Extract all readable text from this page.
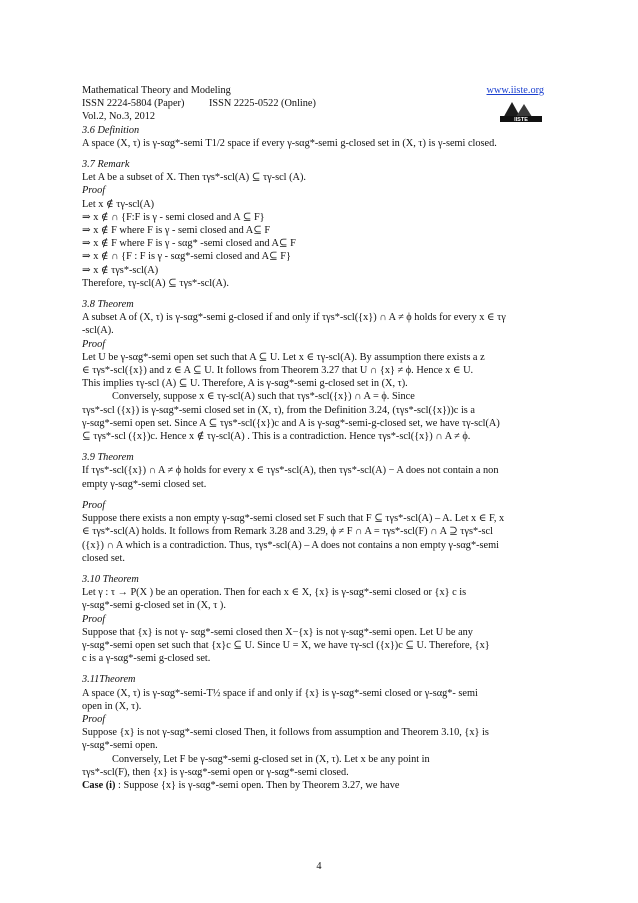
Mathematical Theory and Modeling	www.iiste.org
ISSN 2224-5804 (Paper) ISSN 2225-0522 (Online)
Vol.2, No.3, 2012	IISTE
3.6 Definition
A space (X, τ) is γ-sαg*-semi T1/2 space if every γ-sαg*-semi g-closed set in (X, τ) is γ-semi closed.
3.7 Remark
Let A be a subset of X. Then τγs*-scl(A) ⊆ τγ-scl (A).
Proof
Let x ∉ τγ-scl(A)
⇒ x ∉ ∩ {F:F is γ - semi closed and A ⊆ F}
⇒ x ∉ F where F is γ - semi closed and A⊆ F
⇒ x ∉ F where F is γ - sαg* -semi closed and A⊆ F
⇒ x ∉ ∩ {F : F is γ - sαg*-semi closed and A⊆ F}
⇒ x ∉ τγs*-scl(A)
Therefore, τγ-scl(A) ⊆ τγs*-scl(A).
3.8 Theorem
A subset A of (X, τ) is γ-sαg*-semi g-closed if and only if τγs*-scl({x}) ∩ A ≠ ϕ holds for every x ∈ τγ
-scl(A).
Proof
Let U be γ-sαg*-semi open set such that A ⊆ U. Let x ∈ τγ-scl(A). By assumption there exists a z
∈ τγs*-scl({x}) and z ∈ A ⊆ U. It follows from Theorem 3.27 that U ∩ {x} ≠ ϕ. Hence x ∈ U.
This implies τγ-scl (A) ⊆ U. Therefore, A is γ-sαg*-semi g-closed set in (X, τ).
Conversely, suppose x ∈ τγ-scl(A) such that τγs*-scl({x}) ∩ A = ϕ. Since
τγs*-scl ({x}) is γ-sαg*-semi closed set in (X, τ), from the Definition 3.24, (τγs*-scl({x}))c is a
γ-sαg*-semi open set. Since A ⊆ τγs*-scl({x})c and A is γ-sαg*-semi-g-closed set, we have τγ-scl(A)
⊆ τγs*-scl ({x})c. Hence x ∉ τγ-scl(A) . This is a contradiction. Hence τγs*-scl({x}) ∩ A ≠ ϕ.
3.9 Theorem
If τγs*-scl({x}) ∩ A ≠ ϕ holds for every x ∈ τγs*-scl(A), then τγs*-scl(A) − A does not contain a non
empty γ-sαg*-semi closed set.
Proof
Suppose there exists a non empty γ-sαg*-semi closed set F such that F ⊆ τγs*-scl(A) – A. Let x ∈ F, x
∈ τγs*-scl(A) holds. It follows from Remark 3.28 and 3.29, ϕ ≠ F ∩ A = τγs*-scl(F) ∩ A ⊇ τγs*-scl
({x}) ∩ A which is a contradiction. Thus, τγs*-scl(A) – A does not contains a non empty γ-sαg*-semi
closed set.
3.10 Theorem
Let γ : τ → P(X ) be an operation. Then for each x ∈ X, {x} is γ-sαg*-semi closed or {x} c is
γ-sαg*-semi g-closed set in (X, τ ).
Proof
Suppose that {x} is not γ- sαg*-semi closed then X−{x} is not γ-sαg*-semi open. Let U be any
γ-sαg*-semi open set such that {x}c ⊆ U. Since U = X, we have τγ-scl ({x})c ⊆ U. Therefore, {x}
c is a γ-sαg*-semi g-closed set.
3.11Theorem
A space (X, τ) is γ-sαg*-semi-T½ space if and only if {x} is γ-sαg*-semi closed or γ-sαg*- semi
open in (X, τ).
Proof
Suppose {x} is not γ-sαg*-semi closed Then, it follows from assumption and Theorem 3.10, {x} is
γ-sαg*-semi open.
Conversely, Let F be γ-sαg*-semi g-closed set in (X, τ). Let x be any point in
τγs*-scl(F), then {x} is γ-sαg*-semi open or γ-sαg*-semi closed.
Case (i) : Suppose {x} is γ-sαg*-semi open. Then by Theorem 3.27, we have
4
